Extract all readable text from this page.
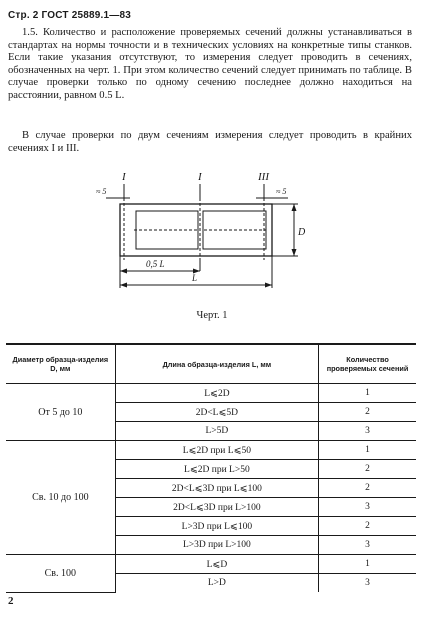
Стр. 2 ГОСТ 25889.1—83
1.5. Количество и расположение проверяемых сечений должны устанавливаться в стандартах на нормы точности и в технических условиях на конкретные типы станков. Если такие указания отсутствуют, то измерения следует проводить в сечениях, обозначенных на черт. 1. При этом количество сечений следует принимать по таблице. В случае проверки только по одному сечению последнее должно находиться на расстоянии, равном 0.5 L.
В случае проверки по двум сечениям измерения следует проводить в крайних сечениях I и III.
I	I	III
≈ 5	≈ 5
D
0,5 L
L
Черт. 1
Диаметр образца-изделия D, мм	Длина образца-изделия L, мм	Количество проверяемых сечений
От 5 до 10	L⩽2D	1
	2D<L⩽5D	2
	L>5D	3
Св. 10 до 100	L⩽2D при L⩽50	1
	L⩽2D при L>50	2
	2D<L⩽3D при L⩽100	2
	2D<L⩽3D при L>100	3
	L>3D при L⩽100	2
	L>3D при L>100	3
Св. 100	L⩽D	1
	L>D	3
2
